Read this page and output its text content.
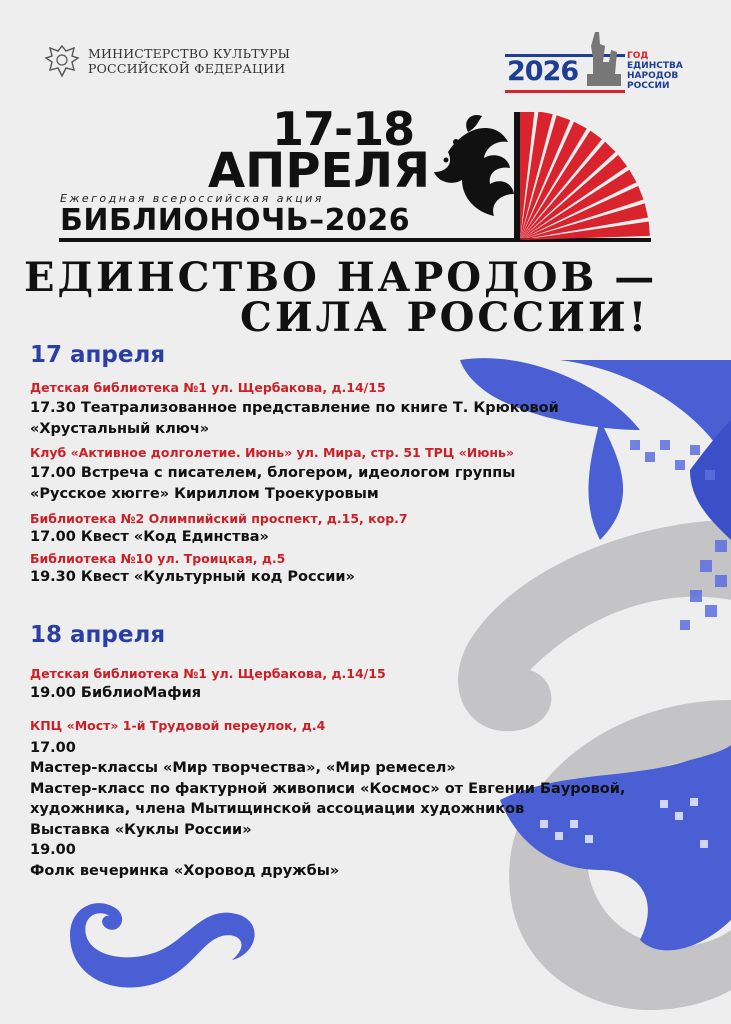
МИНИСТЕРСТВО КУЛЬТУРЫ
РОССИЙСКОЙ ФЕДЕРАЦИИ	2026	ГОД
ЕДИНСТВА
НАРОДОВ
РОССИИ
17-18
АПРЕЛЯ
Ежегодная всероссийская акция
БИБЛИОНОЧЬ–2026
ЕДИНСТВО НАРОДОВ —
СИЛА РОССИИ!
17 апреля
Детская библиотека №1 ул. Щербакова, д.14/15
17.30 Театрализованное представление по книге Т. Крюковой
«Хрустальный ключ»
Клуб «Активное долголетие. Июнь» ул. Мира, стр. 51 ТРЦ «Июнь»
17.00 Встреча с писателем, блогером, идеологом группы
«Русское хюгге» Кириллом Троекуровым
Библиотека №2 Олимпийский проспект, д.15, кор.7
17.00 Квест «Код Единства»
Библиотека №10 ул. Троицкая, д.5
19.30 Квест «Культурный код России»
18 апреля
Детская библиотека №1 ул. Щербакова, д.14/15
19.00 БиблиоМафия
КПЦ «Мост» 1-й Трудовой переулок, д.4
17.00
Мастер-классы «Мир творчества», «Мир ремесел»
Мастер-класс по фактурной живописи «Космос» от Евгении Бауровой,
художника, члена Мытищинской ассоциации художников
Выставка «Куклы России»
19.00
Фолк вечеринка «Хоровод дружбы»
